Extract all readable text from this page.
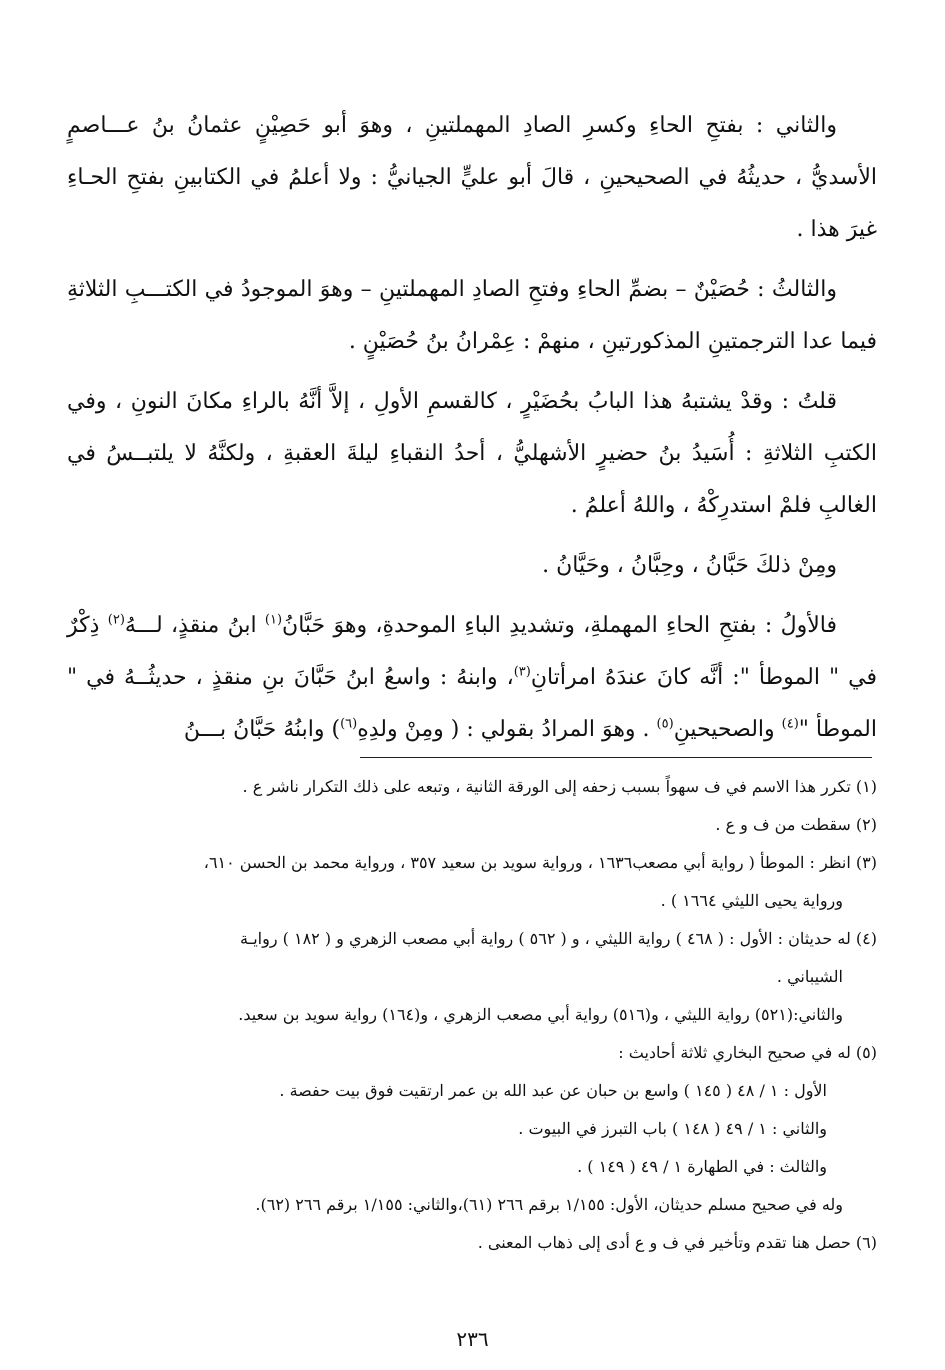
والثاني : بفتحِ الحاءِ وكسرِ الصادِ المهملتينِ ، وهوَ أبو حَصِيْنٍ عثمانُ بنُ عـــاصمٍ الأسديُّ ، حديثُهُ في الصحيحينِ ، قالَ أبو عليٍّ الجيانيُّ : ولا أعلمُ في الكتابينِ بفتحِ الحـاءِ غيرَ هذا .

والثالثُ : حُصَيْنٌ – بضمِّ الحاءِ وفتحِ الصادِ المهملتينِ – وهوَ الموجودُ في الكتـــبِ الثلاثةِ فيما عدا الترجمتينِ المذكورتينِ ، منهمْ : عِمْرانُ بنُ حُصَيْنٍ .

قلتُ : وقدْ يشتبهُ هذا البابُ بحُضَيْرٍ ، كالقسمِ الأولِ ، إلاَّ أنَّهُ بالراءِ مكانَ النونِ ، وفي الكتبِ الثلاثةِ : أُسَيدُ بنُ حضيرٍ الأشهليُّ ، أحدُ النقباءِ ليلةَ العقبةِ ، ولكنَّهُ لا يلتبــسُ في الغالبِ فلمْ استدرِكْهُ ، واللهُ أعلمُ .

ومِنْ ذلكَ حَبَّانُ ، وحِبَّانُ ، وحَيَّانُ .

فالأولُ : بفتحِ الحاءِ المهملةِ، وتشديدِ الباءِ الموحدةِ، وهوَ حَبَّانُ$^{(١)}$ ابنُ منقذٍ، لـــهُ$^{(٢)}$ ذِكْرٌ في " الموطأ ": أنَّه كانَ عندَهُ امرأتانِ$^{(٣)}$، وابنهُ : واسعُ ابنُ حَبَّانَ بنِ منقذٍ ، حديثُــهُ في " الموطأ "$^{(٤)}$ والصحيحينِ$^{(٥)}$ . وهوَ المرادُ بقولي : ( ومِنْ ولدِهِ$^{(٦)}$) وابنُهُ حَبَّانُ بـــنُ

(١) تكرر هذا الاسم في ف سهواً بسبب زحفه إلى الورقة الثانية ، وتبعه على ذلك التكرار ناشر ع .

(٢) سقطت من ف و ع .

(٣) انظر : الموطأ ( رواية أبي مصعب١٦٣٦ ، ورواية سويد بن سعيد ٣٥٧ ، ورواية محمد بن الحسن ٦١٠،

ورواية يحيى الليثي ١٦٦٤ ) .

(٤) له حديثان : الأول : ( ٤٦٨ ) رواية الليثي ، و ( ٥٦٢ ) رواية أبي مصعب الزهري و ( ١٨٢ ) روايـة

الشيباني .

والثاني:(٥٢١) رواية الليثي ، و(٥١٦) رواية أبي مصعب الزهري ، و(١٦٤) رواية سويد بن سعيد.

(٥) له في صحيح البخاري ثلاثة أحاديث :

الأول : ١ / ٤٨ ( ١٤٥ ) واسع بن حبان عن عبد الله بن عمر ارتقيت فوق بيت حفصة .

والثاني : ١ / ٤٩ ( ١٤٨ ) باب التبرز في البيوت .

والثالث : في الطهارة ١ / ٤٩ ( ١٤٩ ) .

وله في صحيح مسلم حديثان، الأول: ١/١٥٥ برقم ٢٦٦ (٦١)،والثاني: ١/١٥٥ برقم ٢٦٦ (٦٢).

(٦) حصل هنا تقدم وتأخير في ف و ع أدى إلى ذهاب المعنى .

٢٣٦
